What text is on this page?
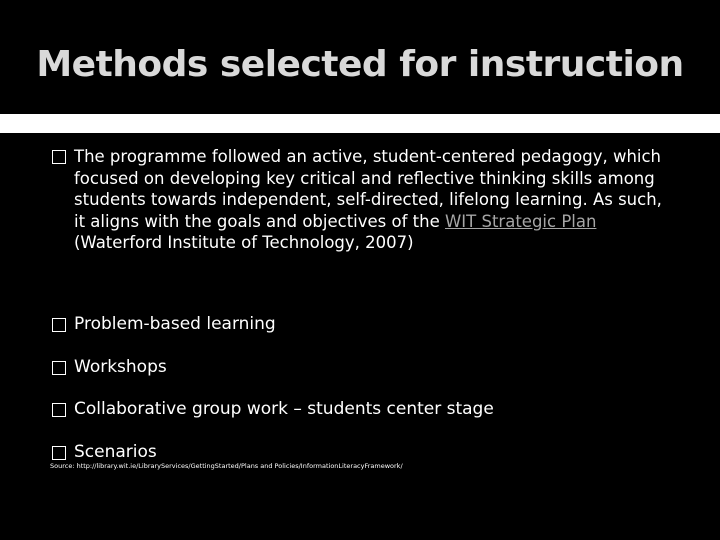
Methods selected for instruction
The programme followed an active, student-centered pedagogy, which focused on developing key critical and reflective thinking skills among students towards independent, self-directed, lifelong learning. As such, it aligns with the goals and objectives of the WIT Strategic Plan (Waterford Institute of Technology, 2007)
Problem-based learning
Workshops
Collaborative group work – students center stage
Scenarios
Source: http://library.wit.ie/LibraryServices/GettingStarted/Plans and Policies/InformationLiteracyFramework/
